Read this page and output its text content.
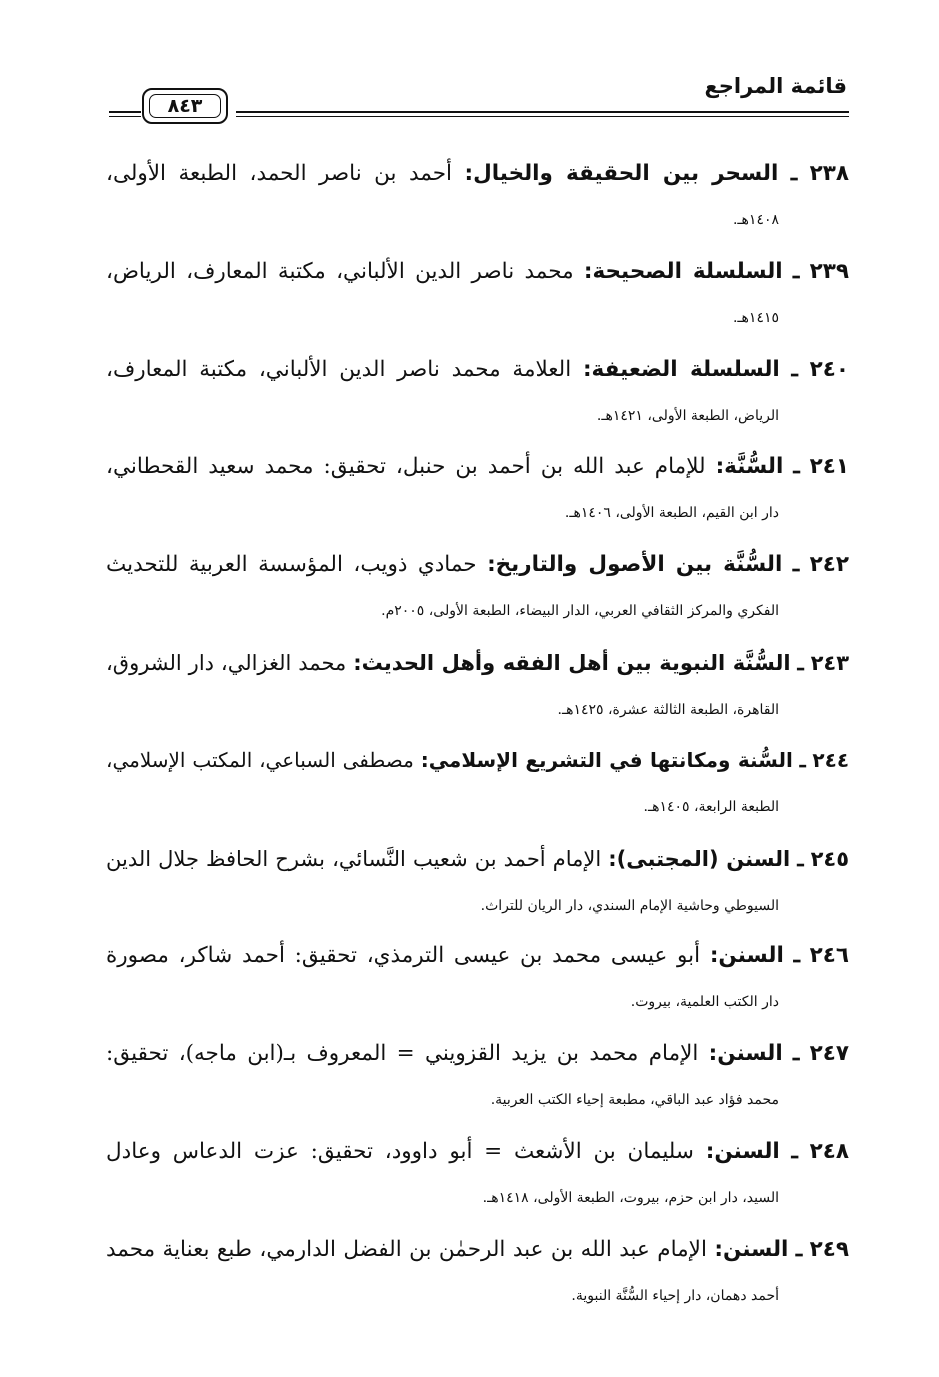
قائمة المراجع
٨٤٣
٢٣٨ ـ السحر بين الحقيقة والخيال: أحمد بن ناصر الحمد، الطبعة الأولى،
١٤٠٨هـ.
٢٣٩ ـ السلسلة الصحيحة: محمد ناصر الدين الألباني، مكتبة المعارف، الرياض،
١٤١٥هـ.
٢٤٠ ـ السلسلة الضعيفة: العلامة محمد ناصر الدين الألباني، مكتبة المعارف،
الرياض، الطبعة الأولى، ١٤٢١هـ.
٢٤١ ـ السُّنَّة: للإمام عبد الله بن أحمد بن حنبل، تحقيق: محمد سعيد القحطاني،
دار ابن القيم، الطبعة الأولى، ١٤٠٦هـ.
٢٤٢ ـ السُّنَّة بين الأصول والتاريخ: حمادي ذويب، المؤسسة العربية للتحديث
الفكري والمركز الثقافي العربي، الدار البيضاء، الطبعة الأولى، ٢٠٠٥م.
٢٤٣ ـ السُّنَّة النبوية بين أهل الفقه وأهل الحديث: محمد الغزالي، دار الشروق،
القاهرة، الطبعة الثالثة عشرة، ١٤٢٥هـ.
٢٤٤ ـ السُّنة ومكانتها في التشريع الإسلامي: مصطفى السباعي، المكتب الإسلامي،
الطبعة الرابعة، ١٤٠٥هـ.
٢٤٥ ـ السنن (المجتبى): الإمام أحمد بن شعيب النَّسائي، بشرح الحافظ جلال الدين
السيوطي وحاشية الإمام السندي، دار الريان للتراث.
٢٤٦ ـ السنن: أبو عيسى محمد بن عيسى الترمذي، تحقيق: أحمد شاكر، مصورة
دار الكتب العلمية، بيروت.
٢٤٧ ـ السنن: الإمام محمد بن يزيد القزويني = المعروف بـ(ابن ماجه)، تحقيق:
محمد فؤاد عبد الباقي، مطبعة إحياء الكتب العربية.
٢٤٨ ـ السنن: سليمان بن الأشعث = أبو داوود، تحقيق: عزت الدعاس وعادل
السيد، دار ابن حزم، بيروت، الطبعة الأولى، ١٤١٨هـ.
٢٤٩ ـ السنن: الإمام عبد الله بن عبد الرحمٰن بن الفضل الدارمي، طبع بعناية محمد
أحمد دهمان، دار إحياء السُّنَّة النبوية.
